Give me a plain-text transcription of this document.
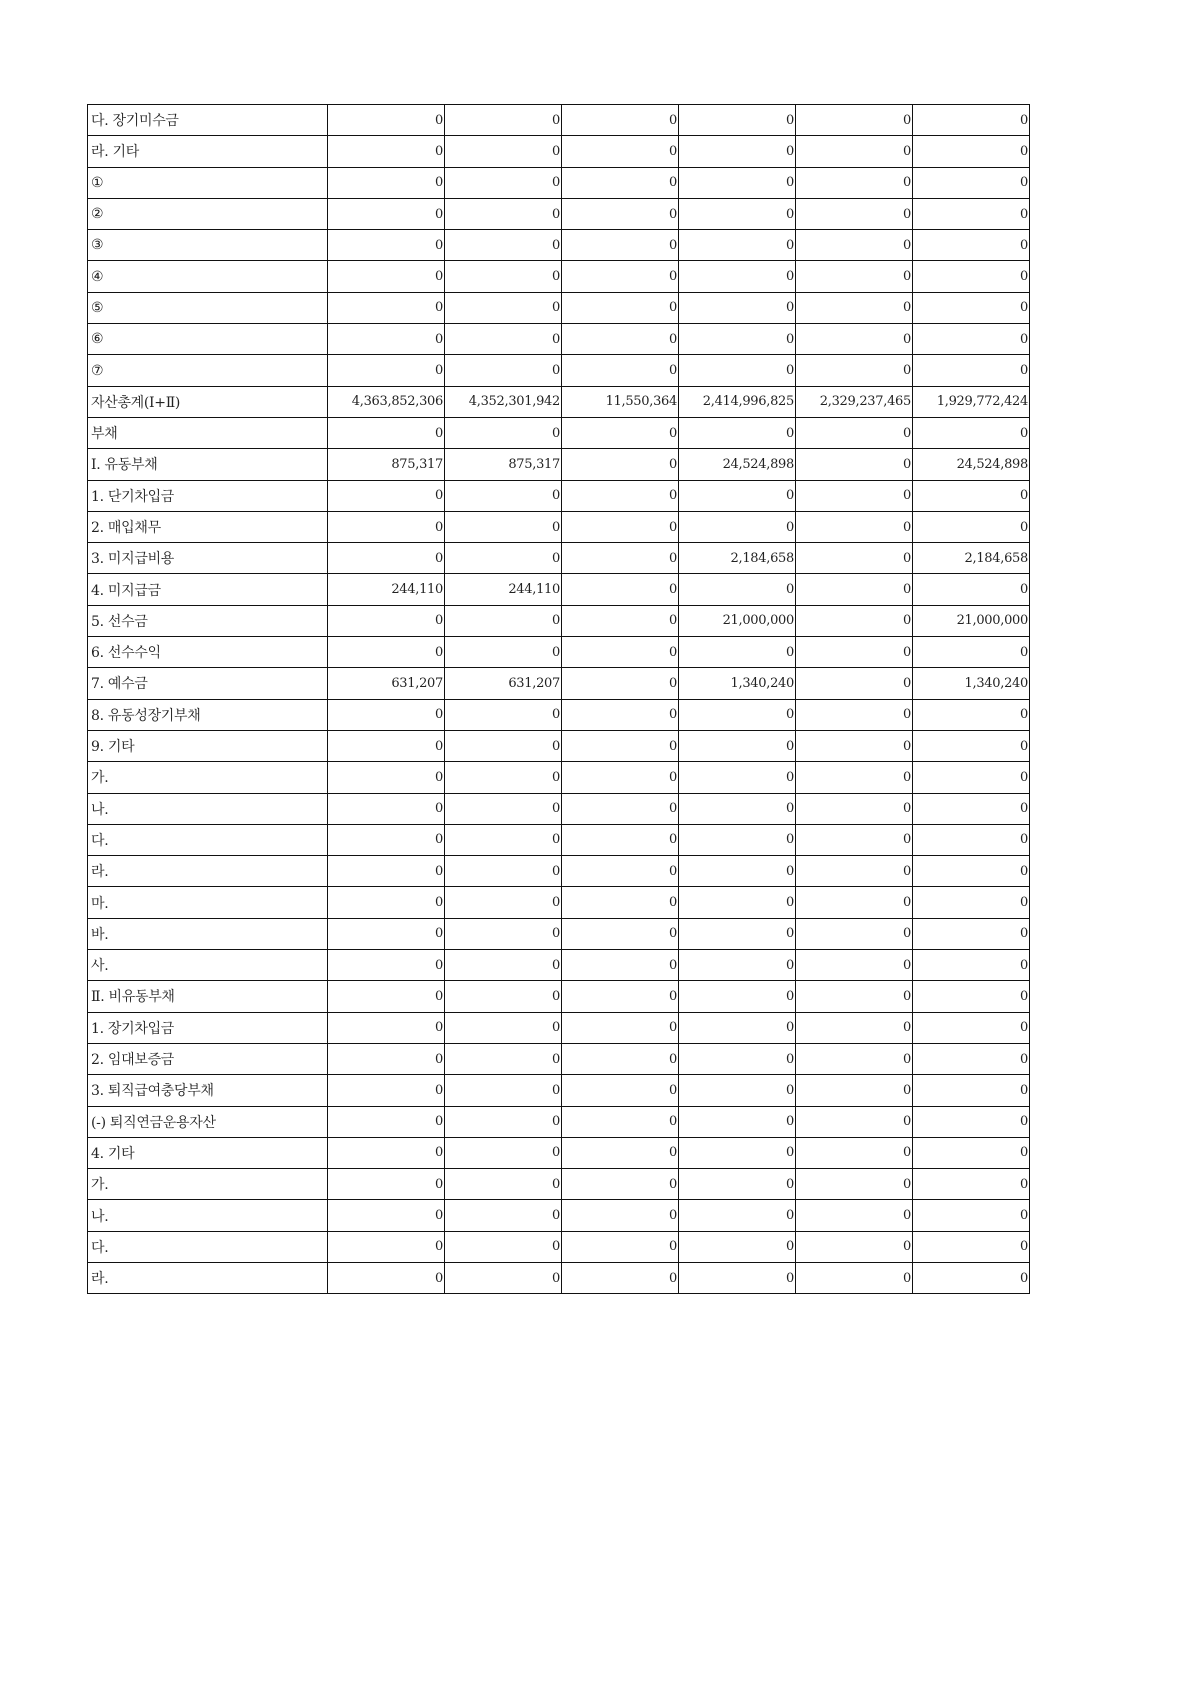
다. 장기미수금	0	0	0	0	0	0
라. 기타	0	0	0	0	0	0
①	0	0	0	0	0	0
②	0	0	0	0	0	0
③	0	0	0	0	0	0
④	0	0	0	0	0	0
⑤	0	0	0	0	0	0
⑥	0	0	0	0	0	0
⑦	0	0	0	0	0	0
자산총계(Ⅰ+Ⅱ)	4,363,852,306	4,352,301,942	11,550,364	2,414,996,825	2,329,237,465	1,929,772,424
부채	0	0	0	0	0	0
Ⅰ. 유동부채	875,317	875,317	0	24,524,898	0	24,524,898
1. 단기차입금	0	0	0	0	0	0
2. 매입채무	0	0	0	0	0	0
3. 미지급비용	0	0	0	2,184,658	0	2,184,658
4. 미지급금	244,110	244,110	0	0	0	0
5. 선수금	0	0	0	21,000,000	0	21,000,000
6. 선수수익	0	0	0	0	0	0
7. 예수금	631,207	631,207	0	1,340,240	0	1,340,240
8. 유동성장기부채	0	0	0	0	0	0
9. 기타	0	0	0	0	0	0
가.	0	0	0	0	0	0
나.	0	0	0	0	0	0
다.	0	0	0	0	0	0
라.	0	0	0	0	0	0
마.	0	0	0	0	0	0
바.	0	0	0	0	0	0
사.	0	0	0	0	0	0
Ⅱ. 비유동부채	0	0	0	0	0	0
1. 장기차입금	0	0	0	0	0	0
2. 임대보증금	0	0	0	0	0	0
3. 퇴직급여충당부채	0	0	0	0	0	0
(-) 퇴직연금운용자산	0	0	0	0	0	0
4. 기타	0	0	0	0	0	0
가.	0	0	0	0	0	0
나.	0	0	0	0	0	0
다.	0	0	0	0	0	0
라.	0	0	0	0	0	0
